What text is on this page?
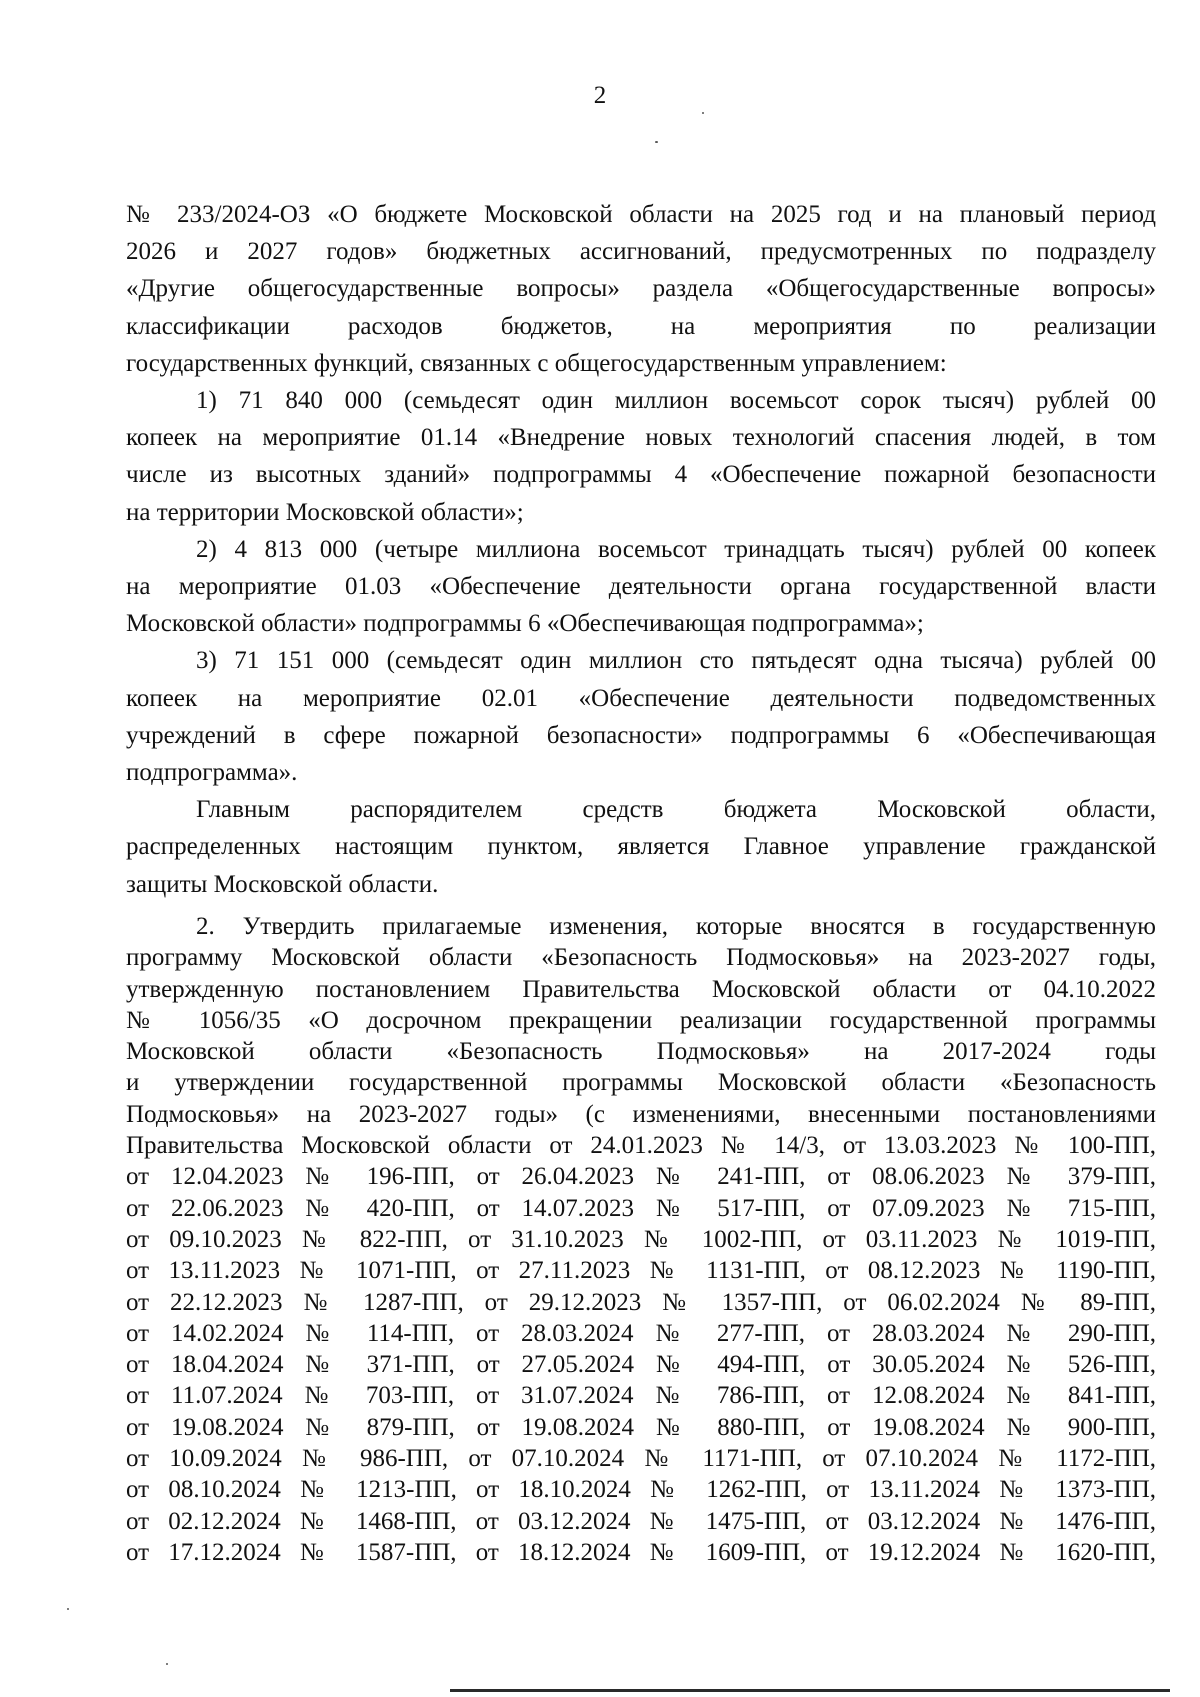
2
№ 233/2024-ОЗ «О бюджете Московской области на 2025 год и на плановый период
2026 и 2027 годов» бюджетных ассигнований, предусмотренных по подразделу
«Другие общегосударственные вопросы» раздела «Общегосударственные вопросы»
классификации расходов бюджетов, на мероприятия по реализации
государственных функций, связанных с общегосударственным управлением:
1) 71 840 000 (семьдесят один миллион восемьсот сорок тысяч) рублей 00
копеек на мероприятие 01.14 «Внедрение новых технологий спасения людей, в том
числе из высотных зданий» подпрограммы 4 «Обеспечение пожарной безопасности
на территории Московской области»;
2) 4 813 000 (четыре миллиона восемьсот тринадцать тысяч) рублей 00 копеек
на мероприятие 01.03 «Обеспечение деятельности органа государственной власти
Московской области» подпрограммы 6 «Обеспечивающая подпрограмма»;
3) 71 151 000 (семьдесят один миллион сто пятьдесят одна тысяча) рублей 00
копеек на мероприятие 02.01 «Обеспечение деятельности подведомственных
учреждений в сфере пожарной безопасности» подпрограммы 6 «Обеспечивающая
подпрограмма».
Главным распорядителем средств бюджета Московской области,
распределенных настоящим пунктом, является Главное управление гражданской
защиты Московской области.
2. Утвердить прилагаемые изменения, которые вносятся в государственную
программу Московской области «Безопасность Подмосковья» на 2023-2027 годы,
утвержденную постановлением Правительства Московской области от 04.10.2022
№ 1056/35 «О досрочном прекращении реализации государственной программы
Московской области «Безопасность Подмосковья» на 2017-2024 годы
и утверждении государственной программы Московской области «Безопасность
Подмосковья» на 2023-2027 годы» (с изменениями, внесенными постановлениями
Правительства Московской области от 24.01.2023 № 14/3, от 13.03.2023 № 100-ПП,
от 12.04.2023 № 196-ПП, от 26.04.2023 № 241-ПП, от 08.06.2023 № 379-ПП,
от 22.06.2023 № 420-ПП, от 14.07.2023 № 517-ПП, от 07.09.2023 № 715-ПП,
от 09.10.2023 № 822-ПП, от 31.10.2023 № 1002-ПП, от 03.11.2023 № 1019-ПП,
от 13.11.2023 № 1071-ПП, от 27.11.2023 № 1131-ПП, от 08.12.2023 № 1190-ПП,
от 22.12.2023 № 1287-ПП, от 29.12.2023 № 1357-ПП, от 06.02.2024 № 89-ПП,
от 14.02.2024 № 114-ПП, от 28.03.2024 № 277-ПП, от 28.03.2024 № 290-ПП,
от 18.04.2024 № 371-ПП, от 27.05.2024 № 494-ПП, от 30.05.2024 № 526-ПП,
от 11.07.2024 № 703-ПП, от 31.07.2024 № 786-ПП, от 12.08.2024 № 841-ПП,
от 19.08.2024 № 879-ПП, от 19.08.2024 № 880-ПП, от 19.08.2024 № 900-ПП,
от 10.09.2024 № 986-ПП, от 07.10.2024 № 1171-ПП, от 07.10.2024 № 1172-ПП,
от 08.10.2024 № 1213-ПП, от 18.10.2024 № 1262-ПП, от 13.11.2024 № 1373-ПП,
от 02.12.2024 № 1468-ПП, от 03.12.2024 № 1475-ПП, от 03.12.2024 № 1476-ПП,
от 17.12.2024 № 1587-ПП, от 18.12.2024 № 1609-ПП, от 19.12.2024 № 1620-ПП,
